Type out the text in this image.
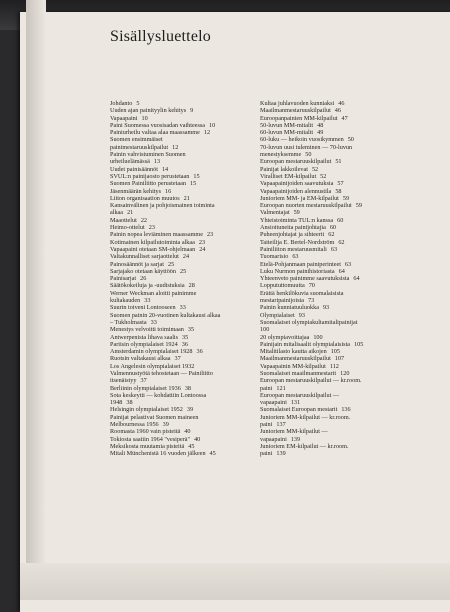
Sisällysluettelo
Johdanto 5
Uuden ajan painityylin kehitys 9
Vapaapaini 10
Paini Suomessa vuosisadan vaihteessa 10
Painiurheilu valtaa alaa maassamme 12
Suomen ensimmäiset
painimestaruuskilpailut 12
Painin vahvistuminen Suomen
urheiluelämässä 13
Uudet painisäännöt 14
SVUL:n painijaosto perustetaan 15
Suomen Painiliitto perustetaan 15
Jäsenmäärän kehitys 16
Liiton organisaation muutos 21
Kansainvälinen ja pohjoismainen toiminta
alkaa 21
Maaottelut 22
Heimo-ottelut 23
Painin nopea leviäminen maassamme 23
Kotimainen kilpailutoiminta alkaa 23
Vapaapaini otetaan SM-ohjelmaan 24
Valtakunnalliset sarjaottelut 24
Painosäännöt ja sarjat 25
Sarjajako otetaan käyttöön 25
Painisarjat 26
Säätökokeiluja ja -uudistuksia 28
Werner Weckman aloitti painimme
kultakauden 33
Suurin toiveni Lontooseen 33
Suomen painin 20-vuotinen kultakausi alkaa
– Tukholmasta 33
Menestys velvoitti toimimaan 35
Antwerpenista lihava saalis 35
Pariisin olympialaiset 1924 36
Amsterdamin olympialaiset 1928 36
Ruotsin valtakausi alkaa 37
Los Angelesin olympialaiset 1932
Valmennustyötä tehostetaan — Painiliitto
itsenäistyy 37
Berliinin olympialaiset 1936 38
Sota keskeytti — kohdattiin Lontoossa
1948 38
Helsingin olympialaiset 1952 39
Painijat pelastivat Suomen maineen
Melbournessa 1956 39
Roomasta 1960 vain pisteitä 40
Tokiosta saatiin 1964 "vesiperä" 40
Meksikosta muutamia pisteitä 45
Mitali Münchenistä 16 vuoden jälkeen 45
Kultaa juhlavuoden kunniaksi 46
Maailmanmestaruuskilpailut 46
Euroopanpainien MM-kilpailut 47
50-luvun MM-mitalit 48
60-luvun MM-mitalit 49
60-luku — heikoin vuosikymmen 50
70-luvun uusi tuleminen — 70-luvun
menestyksemme 50
Euroopan mestaruuskilpailut 51
Painijat lakkoilevat 52
Viralliset EM-kilpailut 52
Vapaapainijoiden saavutuksia 57
Vapaapainijoiden alennustila 58
Junioriem MM- ja EM-kilpailut 59
Euroopan nuorten mestaruuskilpailut 59
Valmentajat 59
Yhteistoiminta TUL:n kanssa 60
Ansioituneita painijohtajia 60
Puheenjohtajat ja sihteerit 62
Taiteilija E. Bertel-Nordström 62
Painiliiton mestaruusmitali 63
Tuomarisio 63
Etelä-Pohjanmaan painiperinteet 63
Luku Nurmon painihistoriasta 64
Yhteenveto painimme saavutuksista 64
Loppututtomuutta 70
Eräitä henkilökuvia suomalaisista
mestaripainijoista 73
Painin kunniatuuluokka 93
Olympialaiset 93
Suomalaiset olympiakultamitalipainijat
100
20 olympiavoittajaa 100
Painijain mitalisaalit olympialaisista 105
Mitalitilasto kautta aikojen 105
Maailmanmestaruuskilpailut 107
Vapaapainin MM-kilpailut 112
Suomalaiset maailmanmestarit 120
Euroopan mestaruuskilpailut — kr.room.
paini 121
Euroopan mestaruuskilpailut —
vapaapaini 131
Suomalaiset Euroopan mestarit 136
Junioriem MM-kilpailut — kr.room.
paini 137
Junioriem MM-kilpailut —
vapaapaini 139
Junioriem EM-kilpailut — kr.room.
paini 139
